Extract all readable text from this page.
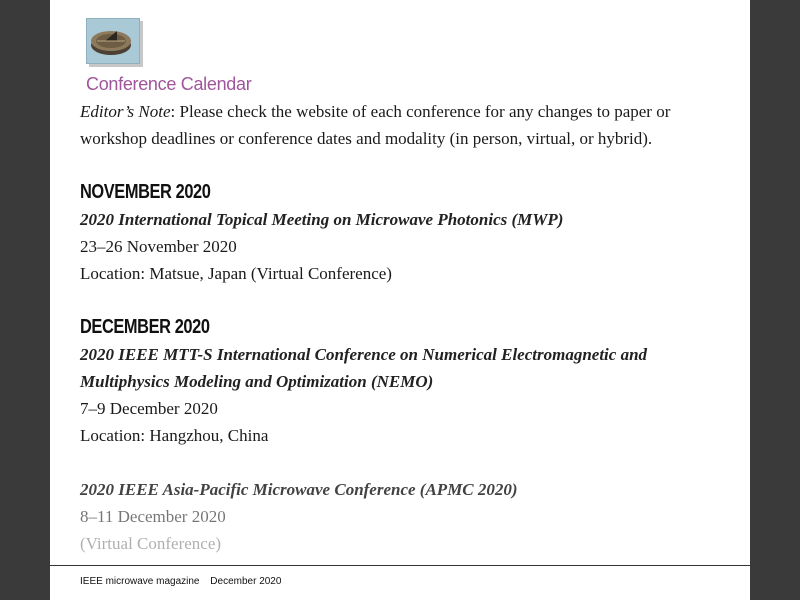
Conference Calendar
Editor’s Note: Please check the website of each conference for any changes to paper or workshop deadlines or conference dates and modality (in person, virtual, or hybrid).
NOVEMBER 2020
2020 International Topical Meeting on Microwave Photonics (MWP)
23–26 November 2020
Location: Matsue, Japan (Virtual Conference)
DECEMBER 2020
2020 IEEE MTT-S International Conference on Numerical Electromagnetic and
Multiphysics Modeling and Optimization (NEMO)
7–9 December 2020
Location: Hangzhou, China
2020 IEEE Asia-Pacific Microwave Conference (APMC 2020)
8–11 December 2020
(Virtual Conference)
IEEE microwave magazine December 2020
